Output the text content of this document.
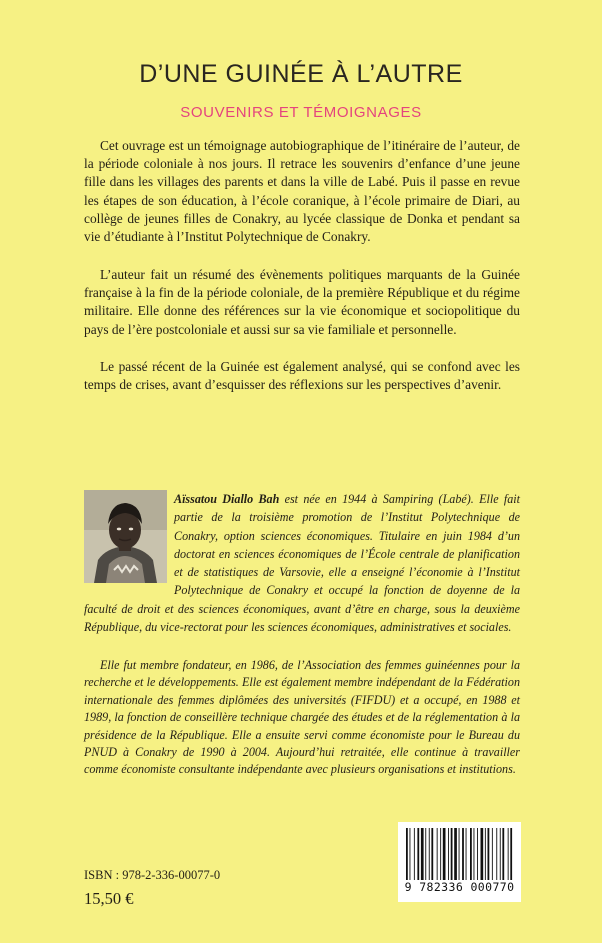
D’UNE GUINÉE À L’AUTRE
SOUVENIRS ET TÉMOIGNAGES
Cet ouvrage est un témoignage autobiographique de l’itinéraire de l’auteur, de la période coloniale à nos jours. Il retrace les souvenirs d’enfance d’une jeune fille dans les villages des parents et dans la ville de Labé. Puis il passe en revue les étapes de son éducation, à l’école coranique, à l’école primaire de Diari, au collège de jeunes filles de Conakry, au lycée classique de Donka et pendant sa vie d’étudiante à l’Institut Polytechnique de Conakry.
L’auteur fait un résumé des évènements politiques marquants de la Guinée française à la fin de la période coloniale, de la première République et du régime militaire. Elle donne des références sur la vie économique et sociopolitique du pays de l’ère postcoloniale et aussi sur sa vie familiale et personnelle.
Le passé récent de la Guinée est également analysé, qui se confond avec les temps de crises, avant d’esquisser des réflexions sur les perspectives d’avenir.
Aïssatou Diallo Bah est née en 1944 à Sampiring (Labé). Elle fait partie de la troisième promotion de l’Institut Polytechnique de Conakry, option sciences économiques. Titulaire en juin 1984 d’un doctorat en sciences économiques de l’École centrale de planification et de statistiques de Varsovie, elle a enseigné l’économie à l’Institut Polytechnique de Conakry et occupé la fonction de doyenne de la faculté de droit et des sciences économiques, avant d’être en charge, sous la deuxième République, du vice-rectorat pour les sciences économiques, administratives et sociales.
Elle fut membre fondateur, en 1986, de l’Association des femmes guinéennes pour la recherche et le développements. Elle est également membre indépendant de la Fédération internationale des femmes diplômées des universités (FIFDU) et a occupé, en 1988 et 1989, la fonction de conseillère technique chargée des études et de la réglementation à la présidence de la République. Elle a ensuite servi comme économiste pour le Bureau du PNUD à Conakry de 1990 à 2004. Aujourd’hui retraitée, elle continue à travailler comme économiste consultante indépendante avec plusieurs organisations et institutions.
ISBN : 978-2-336-00077-0
15,50 €
9 782336 000770
